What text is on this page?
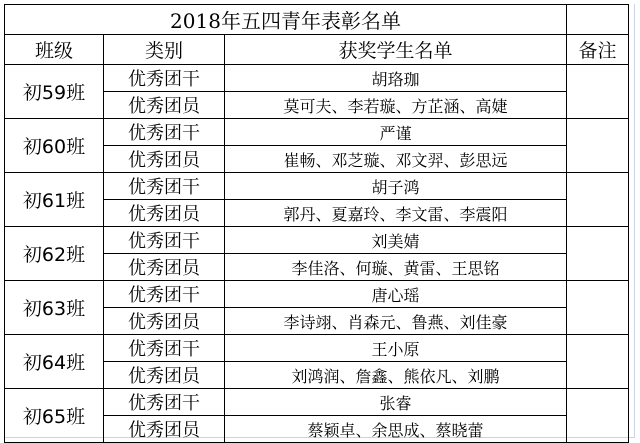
2018年五四青年表彰名单			
班级	类别	获奖学生名单	备注
初59班	优秀团干	胡珞珈	
	优秀团员	莫可夫、李若璇、方芷涵、高婕	
初60班	优秀团干	严谨	
	优秀团员	崔畅、邓芝璇、邓文羿、彭思远	
初61班	优秀团干	胡子鸿	
	优秀团员	郭丹、夏嘉玲、李文雷、李震阳	
初62班	优秀团干	刘美婧	
	优秀团员	李佳洛、何璇、黄雷、王思铭	
初63班	优秀团干	唐心瑶	
	优秀团员	李诗翊、肖森元、鲁燕、刘佳豪	
初64班	优秀团干	王小原	
	优秀团员	刘鸿润、詹鑫、熊依凡、刘鹏	
初65班	优秀团干	张睿	
	优秀团员	蔡颖卓、余思成、蔡晓蕾	
